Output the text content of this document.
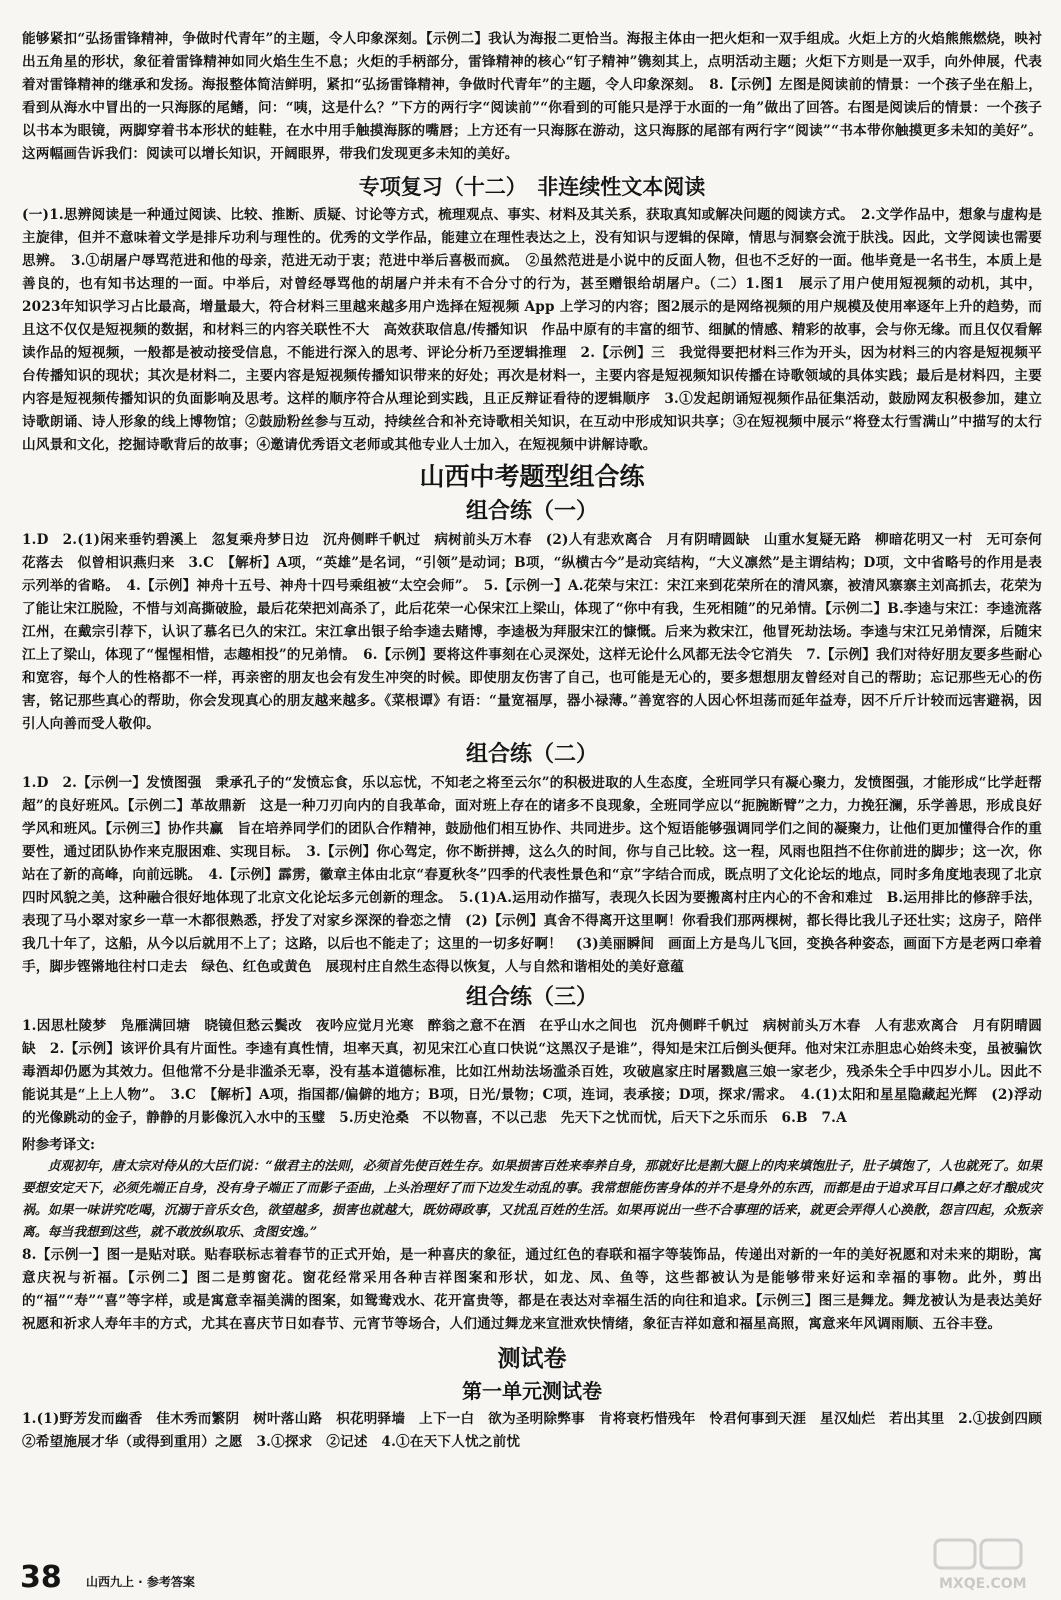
能够紧扣“弘扬雷锋精神，争做时代青年”的主题，令人印象深刻。【示例二】我认为海报二更恰当。海报主体由一把火炬和一双手组成。火炬上方的火焰熊熊燃烧，映衬出五角星的形状，象征着雷锋精神如同火焰生生不息；火炬的手柄部分，雷锋精神的核心“钉子精神”镌刻其上，点明活动主题；火炬下方则是一双手，向外伸展，代表着对雷锋精神的继承和发扬。海报整体简洁鲜明，紧扣“弘扬雷锋精神，争做时代青年”的主题，令人印象深刻。　8.【示例】左图是阅读前的情景：一个孩子坐在船上，看到从海水中冒出的一只海豚的尾鳍，问：“咦，这是什么？”下方的两行字“阅读前”“你看到的可能只是浮于水面的一角”做出了回答。右图是阅读后的情景：一个孩子以书本为眼镜，两脚穿着书本形状的蛙鞋，在水中用手触摸海豚的嘴唇；上方还有一只海豚在游动，这只海豚的尾部有两行字“阅读”“书本带你触摸更多未知的美好”。这两幅画告诉我们：阅读可以增长知识，开阔眼界，带我们发现更多未知的美好。

专项复习（十二）　非连续性文本阅读

(一)1.思辨阅读是一种通过阅读、比较、推断、质疑、讨论等方式，梳理观点、事实、材料及其关系，获取真知或解决问题的阅读方式。　2.文学作品中，想象与虚构是主旋律，但并不意味着文学是排斥功利与理性的。优秀的文学作品，能建立在理性表达之上，没有知识与逻辑的保障，情思与洞察会流于肤浅。因此，文学阅读也需要思辨。　3.①胡屠户辱骂范进和他的母亲，范进无动于衷；范进中举后喜极而疯。　②虽然范进是小说中的反面人物，但也不乏好的一面。他毕竟是一名书生，本质上是善良的，也有知书达理的一面。中举后，对曾经辱骂他的胡屠户并未有不合分寸的行为，甚至赠银给胡屠户。（二）1.图1　展示了用户使用短视频的动机，其中，2023年知识学习占比最高，增量最大，符合材料三里越来越多用户选择在短视频 App 上学习的内容；图2展示的是网络视频的用户规模及使用率逐年上升的趋势，而且这不仅仅是短视频的数据，和材料三的内容关联性不大　高效获取信息/传播知识　作品中原有的丰富的细节、细腻的情感、精彩的故事，会与你无缘。而且仅仅看解读作品的短视频，一般都是被动接受信息，不能进行深入的思考、评论分析乃至逻辑推理　2.【示例】三　我觉得要把材料三作为开头，因为材料三的内容是短视频平台传播知识的现状；其次是材料二，主要内容是短视频传播知识带来的好处；再次是材料一，主要内容是短视频知识传播在诗歌领域的具体实践；最后是材料四，主要内容是短视频传播知识的负面影响及思考。这样的顺序符合从理论到实践，且正反辩证看待的逻辑顺序　3.①发起朗诵短视频作品征集活动，鼓励网友积极参加，建立诗歌朗诵、诗人形象的线上博物馆；②鼓励粉丝参与互动，持续丝合和补充诗歌相关知识，在互动中形成知识共享；③在短视频中展示“将登太行雪满山”中描写的太行山风景和文化，挖掘诗歌背后的故事；④邀请优秀语文老师或其他专业人士加入，在短视频中讲解诗歌。

山西中考题型组合练
组合练（一）

1.D　2.(1)闲来垂钓碧溪上　忽复乘舟梦日边　沉舟侧畔千帆过　病树前头万木春　(2)人有悲欢离合　月有阴晴圆缺　山重水复疑无路　柳暗花明又一村　无可奈何花落去　似曾相识燕归来　3.C　【解析】A项，“英雄”是名词，“引领”是动词；B项，“纵横古今”是动宾结构，“大义凛然”是主谓结构；D项，文中省略号的作用是表示列举的省略。　4.【示例】神舟十五号、神舟十四号乘组被“太空会师”。　5.【示例一】A.花荣与宋江：宋江来到花荣所在的清风寨，被清风寨寨主刘高抓去，花荣为了能让宋江脱险，不惜与刘高撕破脸，最后花荣把刘高杀了，此后花荣一心保宋江上梁山，体现了“你中有我，生死相随”的兄弟情。【示例二】B.李逵与宋江：李逵流落江州，在戴宗引荐下，认识了慕名已久的宋江。宋江拿出银子给李逵去赌博，李逵极为拜服宋江的慷慨。后来为救宋江，他冒死劫法场。李逵与宋江兄弟情深，后随宋江上了梁山，体现了“惺惺相惜，志趣相投”的兄弟情。　6.【示例】要将这件事刻在心灵深处，这样无论什么风都无法令它消失　7.【示例】我们对待好朋友要多些耐心和宽容，每个人的性格都不一样，再亲密的朋友也会有发生冲突的时候。即使朋友伤害了自己，也可能是无心的，要多想想朋友曾经对自己的帮助；忘记那些无心的伤害，铭记那些真心的帮助，你会发现真心的朋友越来越多。《菜根谭》有语：“量宽福厚，器小禄薄。”善宽容的人因心怀坦荡而延年益寿，因不斤斤计较而远害避祸，因引人向善而受人敬仰。

组合练（二）

1.D　2.【示例一】发愤图强　秉承孔子的“发愤忘食，乐以忘忧，不知老之将至云尔”的积极进取的人生态度，全班同学只有凝心聚力，发愤图强，才能形成“比学赶帮超”的良好班风。【示例二】革故鼎新　这是一种刀刃向内的自我革命，面对班上存在的诸多不良现象，全班同学应以“扼腕断臂”之力，力挽狂澜，乐学善思，形成良好学风和班风。【示例三】协作共赢　旨在培养同学们的团队合作精神，鼓励他们相互协作、共同进步。这个短语能够强调同学们之间的凝聚力，让他们更加懂得合作的重要性，通过团队协作来克服困难、实现目标。　3.【示例】你心驾定，你不断拼搏，这么久的时间，你与自己比较。这一程，风雨也阻挡不住你前进的脚步；这一次，你站在了新的高峰，向前远眺。　4.【示例】霹雳，徽章主体由北京“春夏秋冬”四季的代表性景色和“京”字结合而成，既点明了文化论坛的地点，同时多角度地表现了北京四时风貌之美，这种融合很好地体现了北京文化论坛多元创新的理念。　5.(1)A.运用动作描写，表现久长因为要搬离村庄内心的不舍和难过　B.运用排比的修辞手法，表现了马小翠对家乡一草一木都很熟悉，抒发了对家乡深深的眷恋之情　(2)【示例】真舍不得离开这里啊！你看我们那两棵树，都长得比我儿子还壮实；这房子，陪伴我几十年了，这船，从今以后就用不上了；这路，以后也不能走了；这里的一切多好啊！　(3)美丽瞬间　画面上方是鸟儿飞回，变换各种姿态，画面下方是老两口牵着手，脚步铿锵地往村口走去　绿色、红色或黄色　展现村庄自然生态得以恢复，人与自然和谐相处的美好意蕴

组合练（三）

1.因思杜陵梦　凫雁满回塘　晓镜但愁云鬓改　夜吟应觉月光寒　醉翁之意不在酒　在乎山水之间也　沉舟侧畔千帆过　病树前头万木春　人有悲欢离合　月有阴晴圆缺　2.【示例】该评价具有片面性。李逵有真性情，坦率天真，初见宋江心直口快说“这黑汉子是谁”，得知是宋江后倒头便拜。他对宋江赤胆忠心始终未变，虽被骗饮毒酒却仍愿为其效力。但他常不分是非滥杀无辜，没有基本道德标准，比如江州劫法场滥杀百姓，攻破扈家庄时屠戮扈三娘一家老少，残杀朱仝手中四岁小儿。因此不能说其是“上上人物”。　3.C　【解析】A项，指国都/偏僻的地方；B项，日光/景物；C项，连词，表承接；D项，探求/需求。　4.(1)太阳和星星隐藏起光辉　(2)浮动的光像跳动的金子，静静的月影像沉入水中的玉璧　5.历史沧桑　不以物喜，不以己悲　先天下之忧而忧，后天下之乐而乐　6.B　7.A

附参考译文:

贞观初年，唐太宗对侍从的大臣们说：“做君主的法则，必须首先使百姓生存。如果损害百姓来奉养自身，那就好比是割大腿上的肉来填饱肚子，肚子填饱了，人也就死了。如果要想安定天下，必须先端正自身，没有身子端正了而影子歪曲，上头治理好了而下边发生动乱的事。我常想能伤害身体的并不是身外的东西，而都是由于追求耳目口鼻之好才酿成灾祸。如果一味讲究吃喝，沉溺于音乐女色，欲望越多，损害也就越大，既妨碍政事，又扰乱百姓的生活。如果再说出一些不合事理的话来，就更会弄得人心涣散，怨言四起，众叛亲离。每当我想到这些，就不敢放纵取乐、贪图安逸。”

8.【示例一】图一是贴对联。贴春联标志着春节的正式开始，是一种喜庆的象征，通过红色的春联和福字等装饰品，传递出对新的一年的美好祝愿和对未来的期盼，寓意庆祝与祈福。【示例二】图二是剪窗花。窗花经常采用各种吉祥图案和形状，如龙、凤、鱼等，这些都被认为是能够带来好运和幸福的事物。此外，剪出的“福”“寿”“喜”等字样，或是寓意幸福美满的图案，如鸳鸯戏水、花开富贵等，都是在表达对幸福生活的向往和追求。【示例三】图三是舞龙。舞龙被认为是表达美好祝愿和祈求人寿年丰的方式，尤其在喜庆节日如春节、元宵节等场合，人们通过舞龙来宣泄欢快情绪，象征吉祥如意和福星高照，寓意来年风调雨顺、五谷丰登。

测试卷
第一单元测试卷

1.(1)野芳发而幽香　佳木秀而繁阴　树叶落山路　枳花明驿墙　上下一白　欲为圣明除弊事　肯将衰朽惜残年　怜君何事到天涯　星汉灿烂　若出其里　2.①拔剑四顾　②希望施展才华（或得到重用）之愿　3.①探求　②记述　4.①在天下人忧之前忧

38 山西九上 · 参考答案	MXQE.COM
